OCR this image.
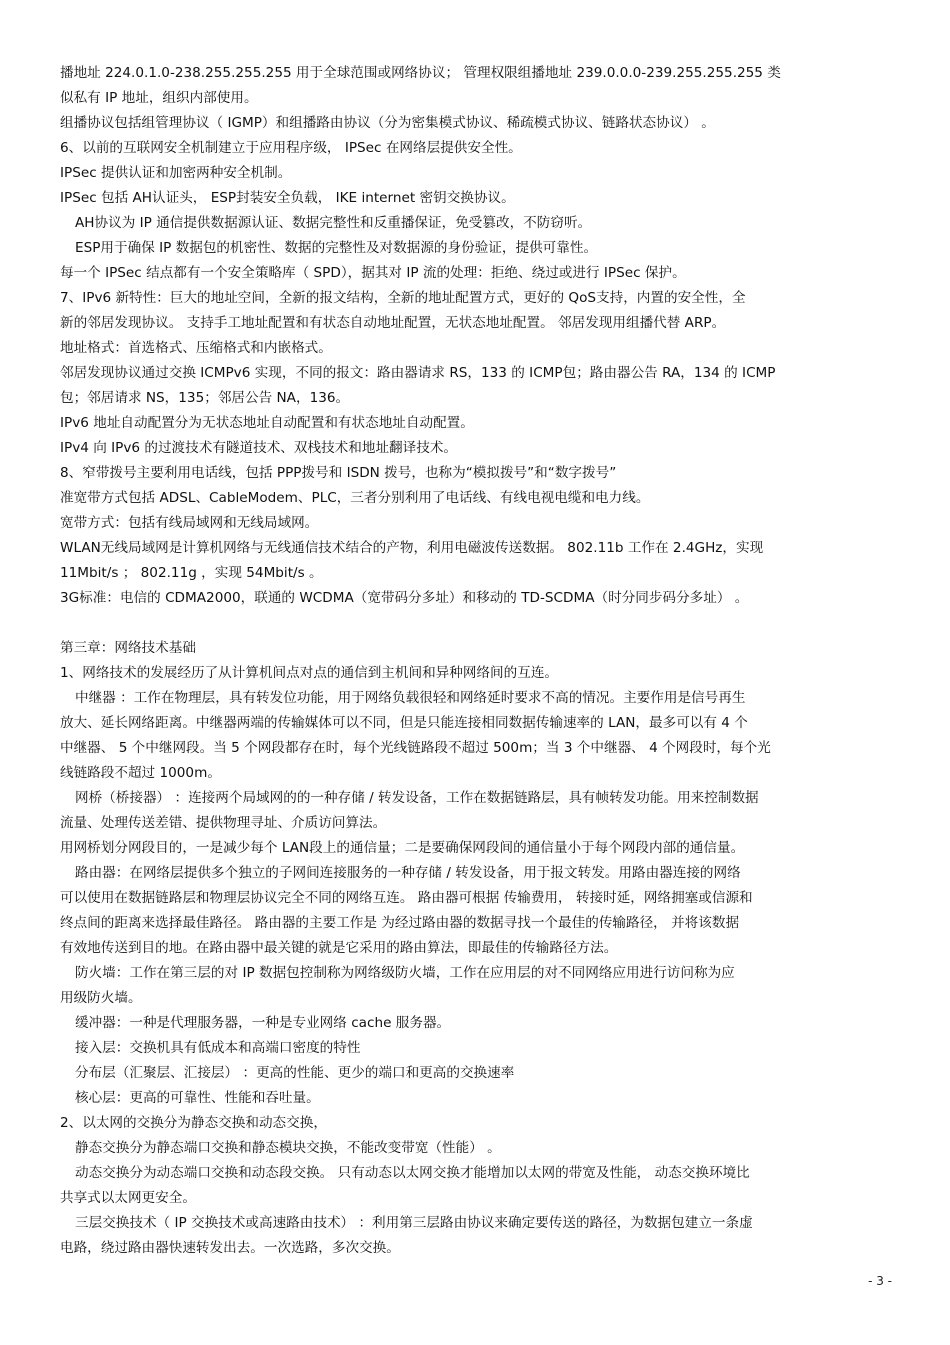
播地址 224.0.1.0-238.255.255.255 用于全球范围或网络协议； 管理权限组播地址 239.0.0.0-239.255.255.255 类
似私有 IP 地址，组织内部使用。
组播协议包括组管理协议（ IGMP）和组播路由协议（分为密集模式协议、稀疏模式协议、链路状态协议） 。
6、以前的互联网安全机制建立于应用程序级， IPSec 在网络层提供安全性。
IPSec 提供认证和加密两种安全机制。
IPSec 包括 AH认证头， ESP封装安全负载， IKE internet 密钥交换协议。
AH协议为 IP 通信提供数据源认证、数据完整性和反重播保证，免受篡改，不防窃听。
ESP用于确保 IP 数据包的机密性、数据的完整性及对数据源的身份验证，提供可靠性。
每一个 IPSec 结点都有一个安全策略库（ SPD），据其对 IP 流的处理：拒绝、绕过或进行 IPSec 保护。
7、IPv6 新特性：巨大的地址空间，全新的报文结构，全新的地址配置方式，更好的 QoS支持，内置的安全性，全
新的邻居发现协议。 支持手工地址配置和有状态自动地址配置，无状态地址配置。 邻居发现用组播代替 ARP。
地址格式：首选格式、压缩格式和内嵌格式。
邻居发现协议通过交换 ICMPv6 实现，不同的报文：路由器请求 RS，133 的 ICMP包；路由器公告 RA，134 的 ICMP
包；邻居请求 NS，135；邻居公告 NA，136。
IPv6 地址自动配置分为无状态地址自动配置和有状态地址自动配置。
IPv4 向 IPv6 的过渡技术有隧道技术、双栈技术和地址翻译技术。
8、窄带拨号主要利用电话线，包括 PPP拨号和 ISDN 拨号，也称为“模拟拨号”和“数字拨号”
准宽带方式包括 ADSL、CableModem、PLC，三者分别利用了电话线、有线电视电缆和电力线。
宽带方式：包括有线局域网和无线局域网。
WLAN无线局域网是计算机网络与无线通信技术结合的产物，利用电磁波传送数据。 802.11b 工作在 2.4GHz，实现
11Mbit/s ； 802.11g ，实现 54Mbit/s 。
3G标准：电信的 CDMA2000，联通的 WCDMA（宽带码分多址）和移动的 TD-SCDMA（时分同步码分多址） 。
第三章：网络技术基础
1、网络技术的发展经历了从计算机间点对点的通信到主机间和异种网络间的互连。
中继器 ：工作在物理层，具有转发位功能，用于网络负载很轻和网络延时要求不高的情况。主要作用是信号再生
放大、延长网络距离。中继器两端的传输媒体可以不同，但是只能连接相同数据传输速率的 LAN，最多可以有 4 个
中继器、 5 个中继网段。当 5 个网段都存在时，每个光线链路段不超过 500m；当 3 个中继器、 4 个网段时，每个光
线链路段不超过 1000m。
网桥（桥接器） ：连接两个局域网的的一种存储 / 转发设备，工作在数据链路层，具有帧转发功能。用来控制数据
流量、处理传送差错、提供物理寻址、介质访问算法。
用网桥划分网段目的，一是减少每个 LAN段上的通信量；二是要确保网段间的通信量小于每个网段内部的通信量。
路由器：在网络层提供多个独立的子网间连接服务的一种存储 / 转发设备，用于报文转发。用路由器连接的网络
可以使用在数据链路层和物理层协议完全不同的网络互连。 路由器可根据 传输费用， 转接时延，网络拥塞或信源和
终点间的距离来选择最佳路径。 路由器的主要工作是 为经过路由器的数据寻找一个最佳的传输路径， 并将该数据
有效地传送到目的地。在路由器中最关键的就是它采用的路由算法，即最佳的传输路径方法。
防火墙：工作在第三层的对 IP 数据包控制称为网络级防火墙，工作在应用层的对不同网络应用进行访问称为应
用级防火墙。
缓冲器：一种是代理服务器，一种是专业网络 cache 服务器。
接入层：交换机具有低成本和高端口密度的特性
分布层（汇聚层、汇接层） ：更高的性能、更少的端口和更高的交换速率
核心层：更高的可靠性、性能和吞吐量。
2、以太网的交换分为静态交换和动态交换，
静态交换分为静态端口交换和静态模块交换，不能改变带宽（性能） 。
动态交换分为动态端口交换和动态段交换。 只有动态以太网交换才能增加以太网的带宽及性能， 动态交换环境比
共享式以太网更安全。
三层交换技术（ IP 交换技术或高速路由技术） ：利用第三层路由协议来确定要传送的路径，为数据包建立一条虚
电路，绕过路由器快速转发出去。一次选路，多次交换。
- 3 -
